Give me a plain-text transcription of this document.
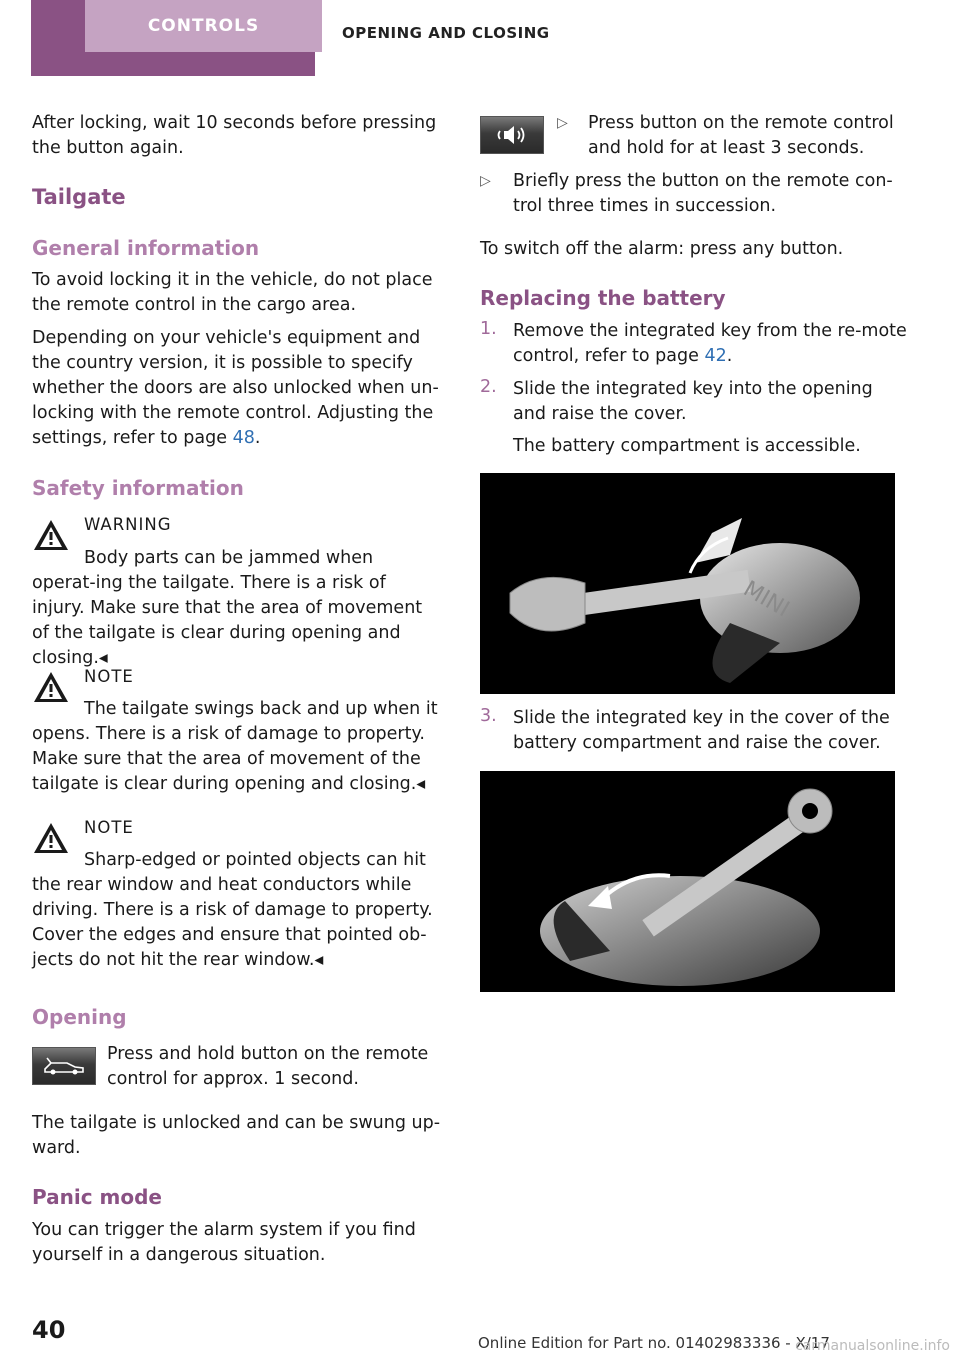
CONTROLS	OPENING AND CLOSING
After locking, wait 10 seconds before pressing the button again.
Tailgate
General information

To avoid locking it in the vehicle, do not place the remote control in the cargo area.

Depending on your vehicle's equipment and the country version, it is possible to specify whether the doors are also unlocked when un‐locking with the remote control. Adjusting the settings, refer to page 48.

Safety information
WARNING
Body parts can be jammed when operat‐ing the tailgate. There is a risk of injury. Make sure that the area of movement of the tailgate is clear during opening and closing.◂
NOTE
The tailgate swings back and up when it opens. There is a risk of damage to property. Make sure that the area of movement of the tailgate is clear during opening and closing.◂
NOTE
Sharp-edged or pointed objects can hit the rear window and heat conductors while driving. There is a risk of damage to property. Cover the edges and ensure that pointed ob‐jects do not hit the rear window.◂
Opening
Press and hold button on the remote control for approx. 1 second.
The tailgate is unlocked and can be swung up‐ward.
Panic mode
You can trigger the alarm system if you find yourself in a dangerous situation.
▷ Press button on the remote control and hold for at least 3 seconds.
▷ Briefly press the button on the remote con‐trol three times in succession.
To switch off the alarm: press any button.
Replacing the battery
1. Remove the integrated key from the re‐mote control, refer to page 42.
2. Slide the integrated key into the opening and raise the cover.
The battery compartment is accessible.
MINI
3. Slide the integrated key in the cover of the battery compartment and raise the cover.
40	Online Edition for Part no. 01402983336 - X/17
carmanualsonline.info
